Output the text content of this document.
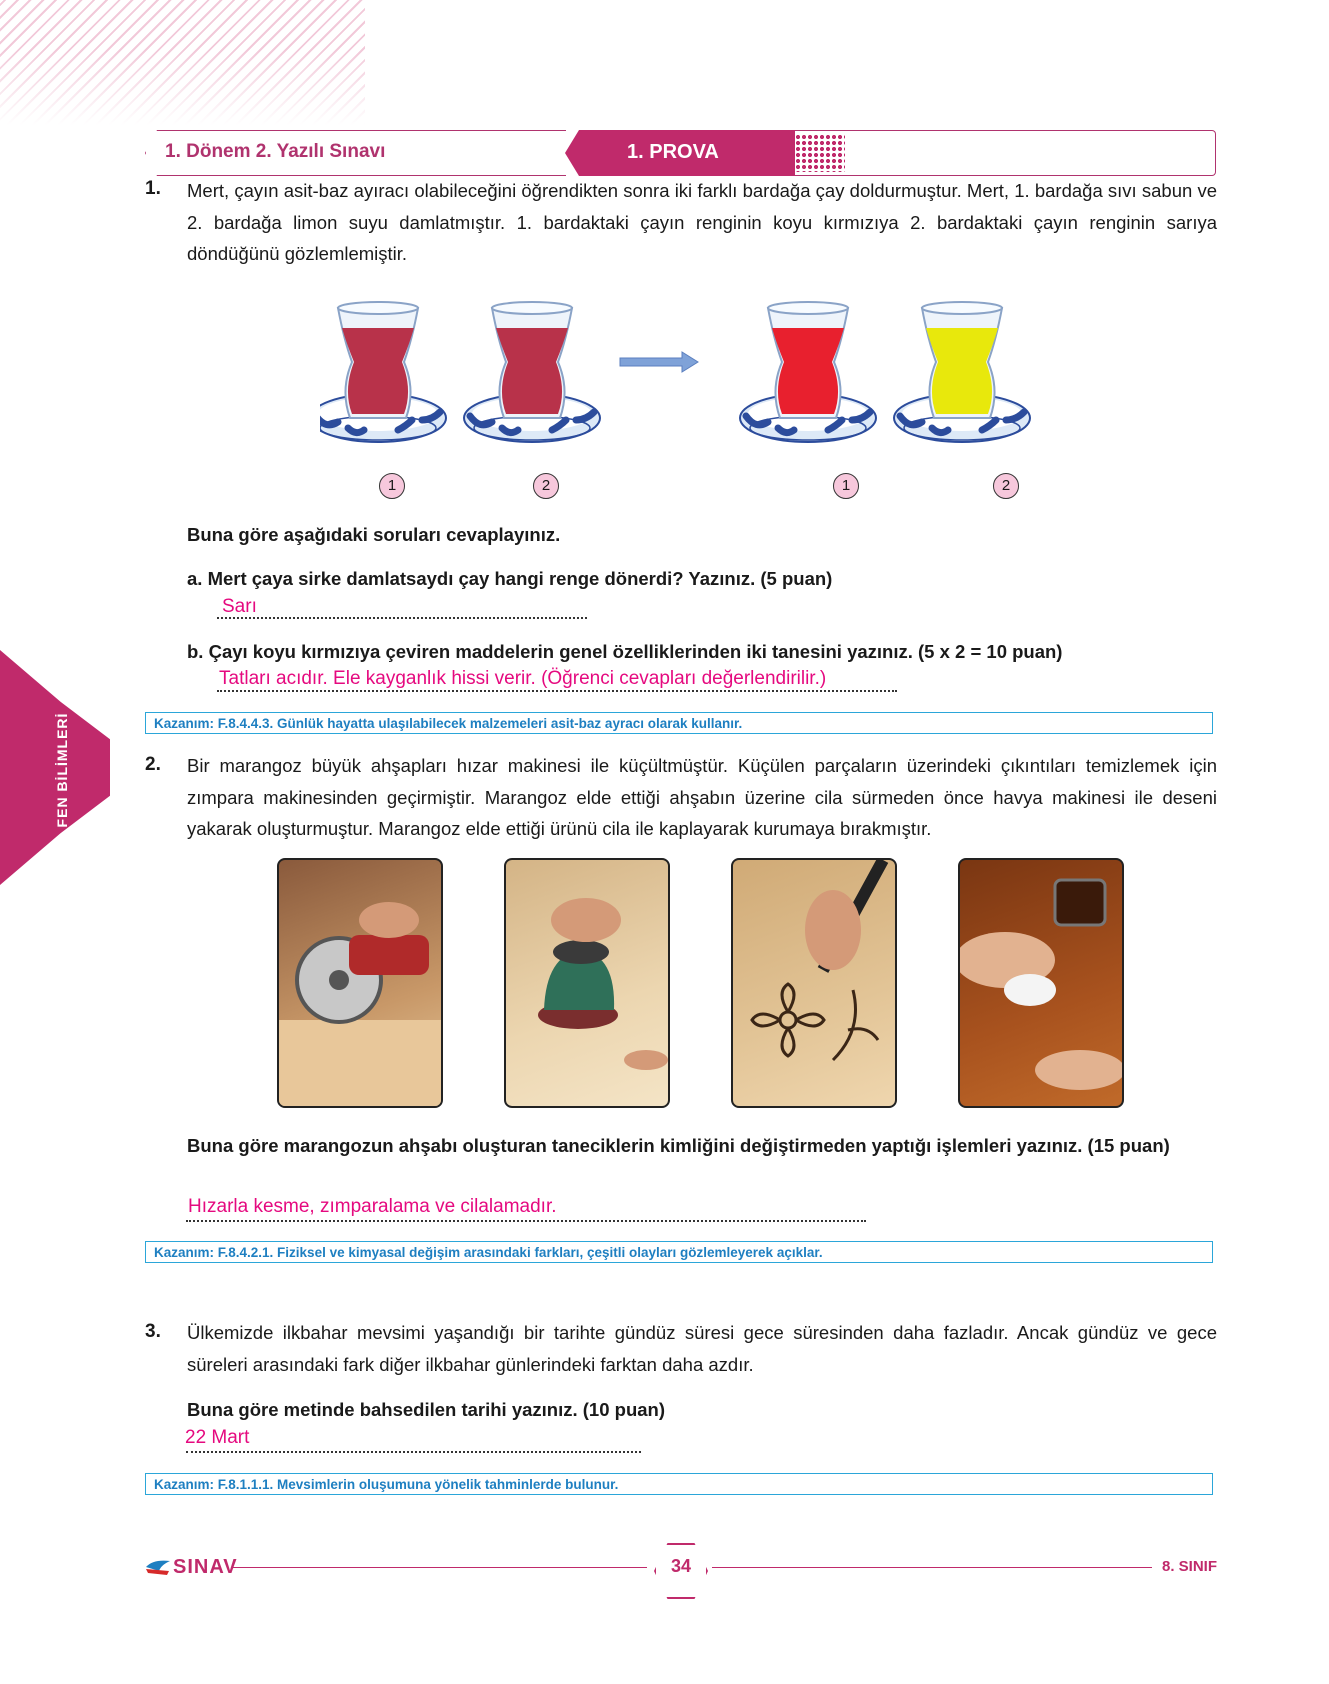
1. Dönem 2. Yazılı Sınavı	1. PROVA
FEN BİLİMLERİ
1. Mert, çayın asit-baz ayıracı olabileceğini öğrendikten sonra iki farklı bardağa çay doldurmuştur. Mert, 1. bardağa sıvı sabun ve 2. bardağa limon suyu damlatmıştır. 1. bardaktaki çayın renginin koyu kırmızıya 2. bardaktaki çayın renginin sarıya döndüğünü gözlemlemiştir.
1	2	1	2
Buna göre aşağıdaki soruları cevaplayınız.
a. Mert çaya sirke damlatsaydı çay hangi renge dönerdi? Yazınız. (5 puan)
Sarı
b. Çayı koyu kırmızıya çeviren maddelerin genel özelliklerinden iki tanesini yazınız. (5 x 2 = 10 puan)
Tatları acıdır. Ele kayganlık hissi verir. (Öğrenci cevapları değerlendirilir.)
Kazanım: F.8.4.4.3. Günlük hayatta ulaşılabilecek malzemeleri asit-baz ayracı olarak kullanır.
2. Bir marangoz büyük ahşapları hızar makinesi ile küçültmüştür. Küçülen parçaların üzerindeki çıkıntıları temizlemek için zımpara makinesinden geçirmiştir. Marangoz elde ettiği ahşabın üzerine cila sürmeden önce havya makinesi ile deseni yakarak oluşturmuştur. Marangoz elde ettiği ürünü cila ile kaplayarak kurumaya bırakmıştır.
Buna göre marangozun ahşabı oluşturan taneciklerin kimliğini değiştirmeden yaptığı işlemleri yazınız. (15 puan)
Hızarla kesme, zımparalama ve cilalamadır.
Kazanım: F.8.4.2.1. Fiziksel ve kimyasal değişim arasındaki farkları, çeşitli olayları gözlemleyerek açıklar.
3. Ülkemizde ilkbahar mevsimi yaşandığı bir tarihte gündüz süresi gece süresinden daha fazladır. Ancak gündüz ve gece süreleri arasındaki fark diğer ilkbahar günlerindeki farktan daha azdır.
Buna göre metinde bahsedilen tarihi yazınız. (10 puan)
22 Mart
Kazanım: F.8.1.1.1. Mevsimlerin oluşumuna yönelik tahminlerde bulunur.
SINAV	34	8. SINIF
